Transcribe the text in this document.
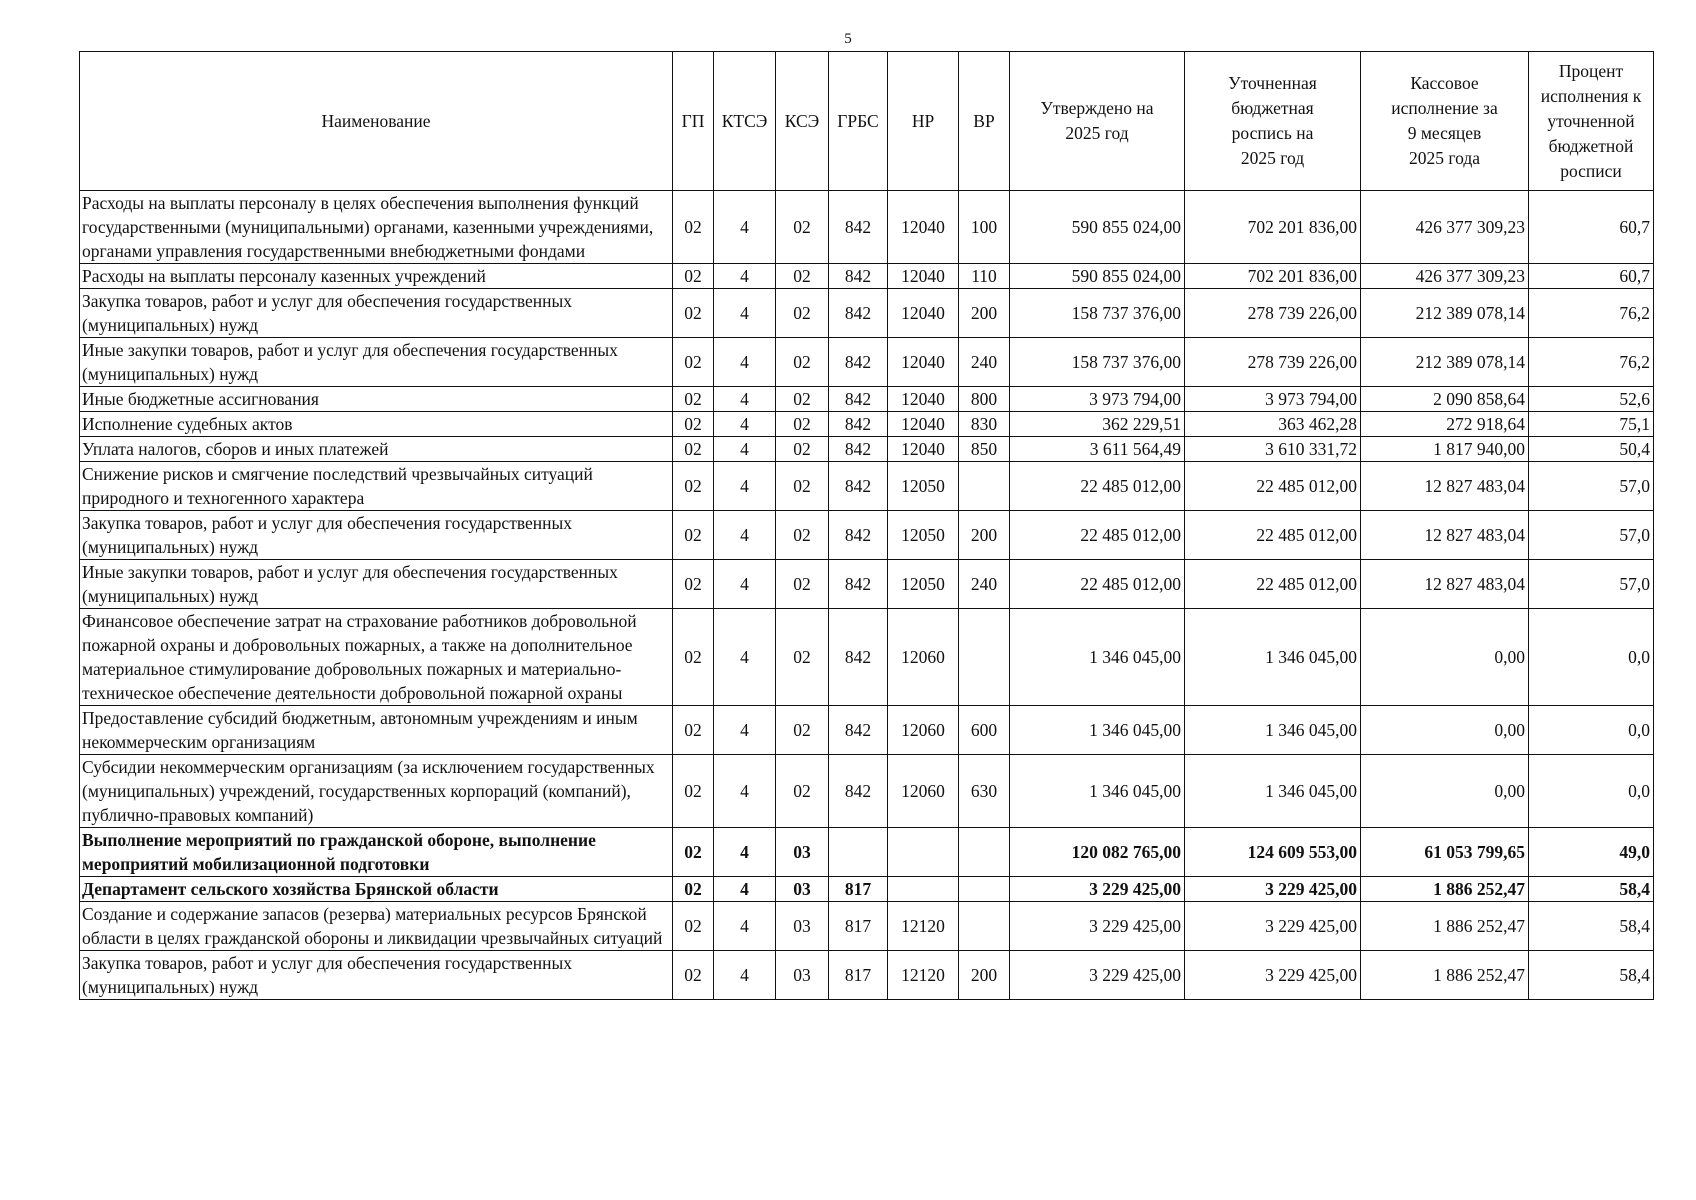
5
Наименование	ГП	КТСЭ	КСЭ	ГРБС	НР	ВР	Утверждено на 2025 год	Уточненная бюджетная роспись на 2025 год	Кассовое исполнение за 9 месяцев 2025 года	Процент исполнения к уточненной бюджетной росписи
Расходы на выплаты персоналу в целях обеспечения выполнения функций государственными (муниципальными) органами, казенными учреждениями, органами управления государственными внебюджетными фондами	02	4	02	842	12040	100	590 855 024,00	702 201 836,00	426 377 309,23	60,7
Расходы на выплаты персоналу казенных учреждений	02	4	02	842	12040	110	590 855 024,00	702 201 836,00	426 377 309,23	60,7
Закупка товаров, работ и услуг для обеспечения государственных (муниципальных) нужд	02	4	02	842	12040	200	158 737 376,00	278 739 226,00	212 389 078,14	76,2
Иные закупки товаров, работ и услуг для обеспечения государственных (муниципальных) нужд	02	4	02	842	12040	240	158 737 376,00	278 739 226,00	212 389 078,14	76,2
Иные бюджетные ассигнования	02	4	02	842	12040	800	3 973 794,00	3 973 794,00	2 090 858,64	52,6
Исполнение судебных актов	02	4	02	842	12040	830	362 229,51	363 462,28	272 918,64	75,1
Уплата налогов, сборов и иных платежей	02	4	02	842	12040	850	3 611 564,49	3 610 331,72	1 817 940,00	50,4
Снижение рисков и смягчение последствий чрезвычайных ситуаций природного и техногенного характера	02	4	02	842	12050		22 485 012,00	22 485 012,00	12 827 483,04	57,0
Закупка товаров, работ и услуг для обеспечения государственных (муниципальных) нужд	02	4	02	842	12050	200	22 485 012,00	22 485 012,00	12 827 483,04	57,0
Иные закупки товаров, работ и услуг для обеспечения государственных (муниципальных) нужд	02	4	02	842	12050	240	22 485 012,00	22 485 012,00	12 827 483,04	57,0
Финансовое обеспечение затрат на страхование работников добровольной пожарной охраны и добровольных пожарных, а также на дополнительное материальное стимулирование добровольных пожарных и материально-техническое обеспечение деятельности добровольной пожарной охраны	02	4	02	842	12060		1 346 045,00	1 346 045,00	0,00	0,0
Предоставление субсидий бюджетным, автономным учреждениям и иным некоммерческим организациям	02	4	02	842	12060	600	1 346 045,00	1 346 045,00	0,00	0,0
Субсидии некоммерческим организациям (за исключением государственных (муниципальных) учреждений, государственных корпораций (компаний), публично-правовых компаний)	02	4	02	842	12060	630	1 346 045,00	1 346 045,00	0,00	0,0
Выполнение мероприятий по гражданской обороне, выполнение мероприятий мобилизационной подготовки	02	4	03				120 082 765,00	124 609 553,00	61 053 799,65	49,0
Департамент сельского хозяйства Брянской области	02	4	03	817			3 229 425,00	3 229 425,00	1 886 252,47	58,4
Создание и содержание запасов (резерва) материальных ресурсов Брянской области в целях гражданской обороны и ликвидации чрезвычайных ситуаций	02	4	03	817	12120		3 229 425,00	3 229 425,00	1 886 252,47	58,4
Закупка товаров, работ и услуг для обеспечения государственных (муниципальных) нужд	02	4	03	817	12120	200	3 229 425,00	3 229 425,00	1 886 252,47	58,4
